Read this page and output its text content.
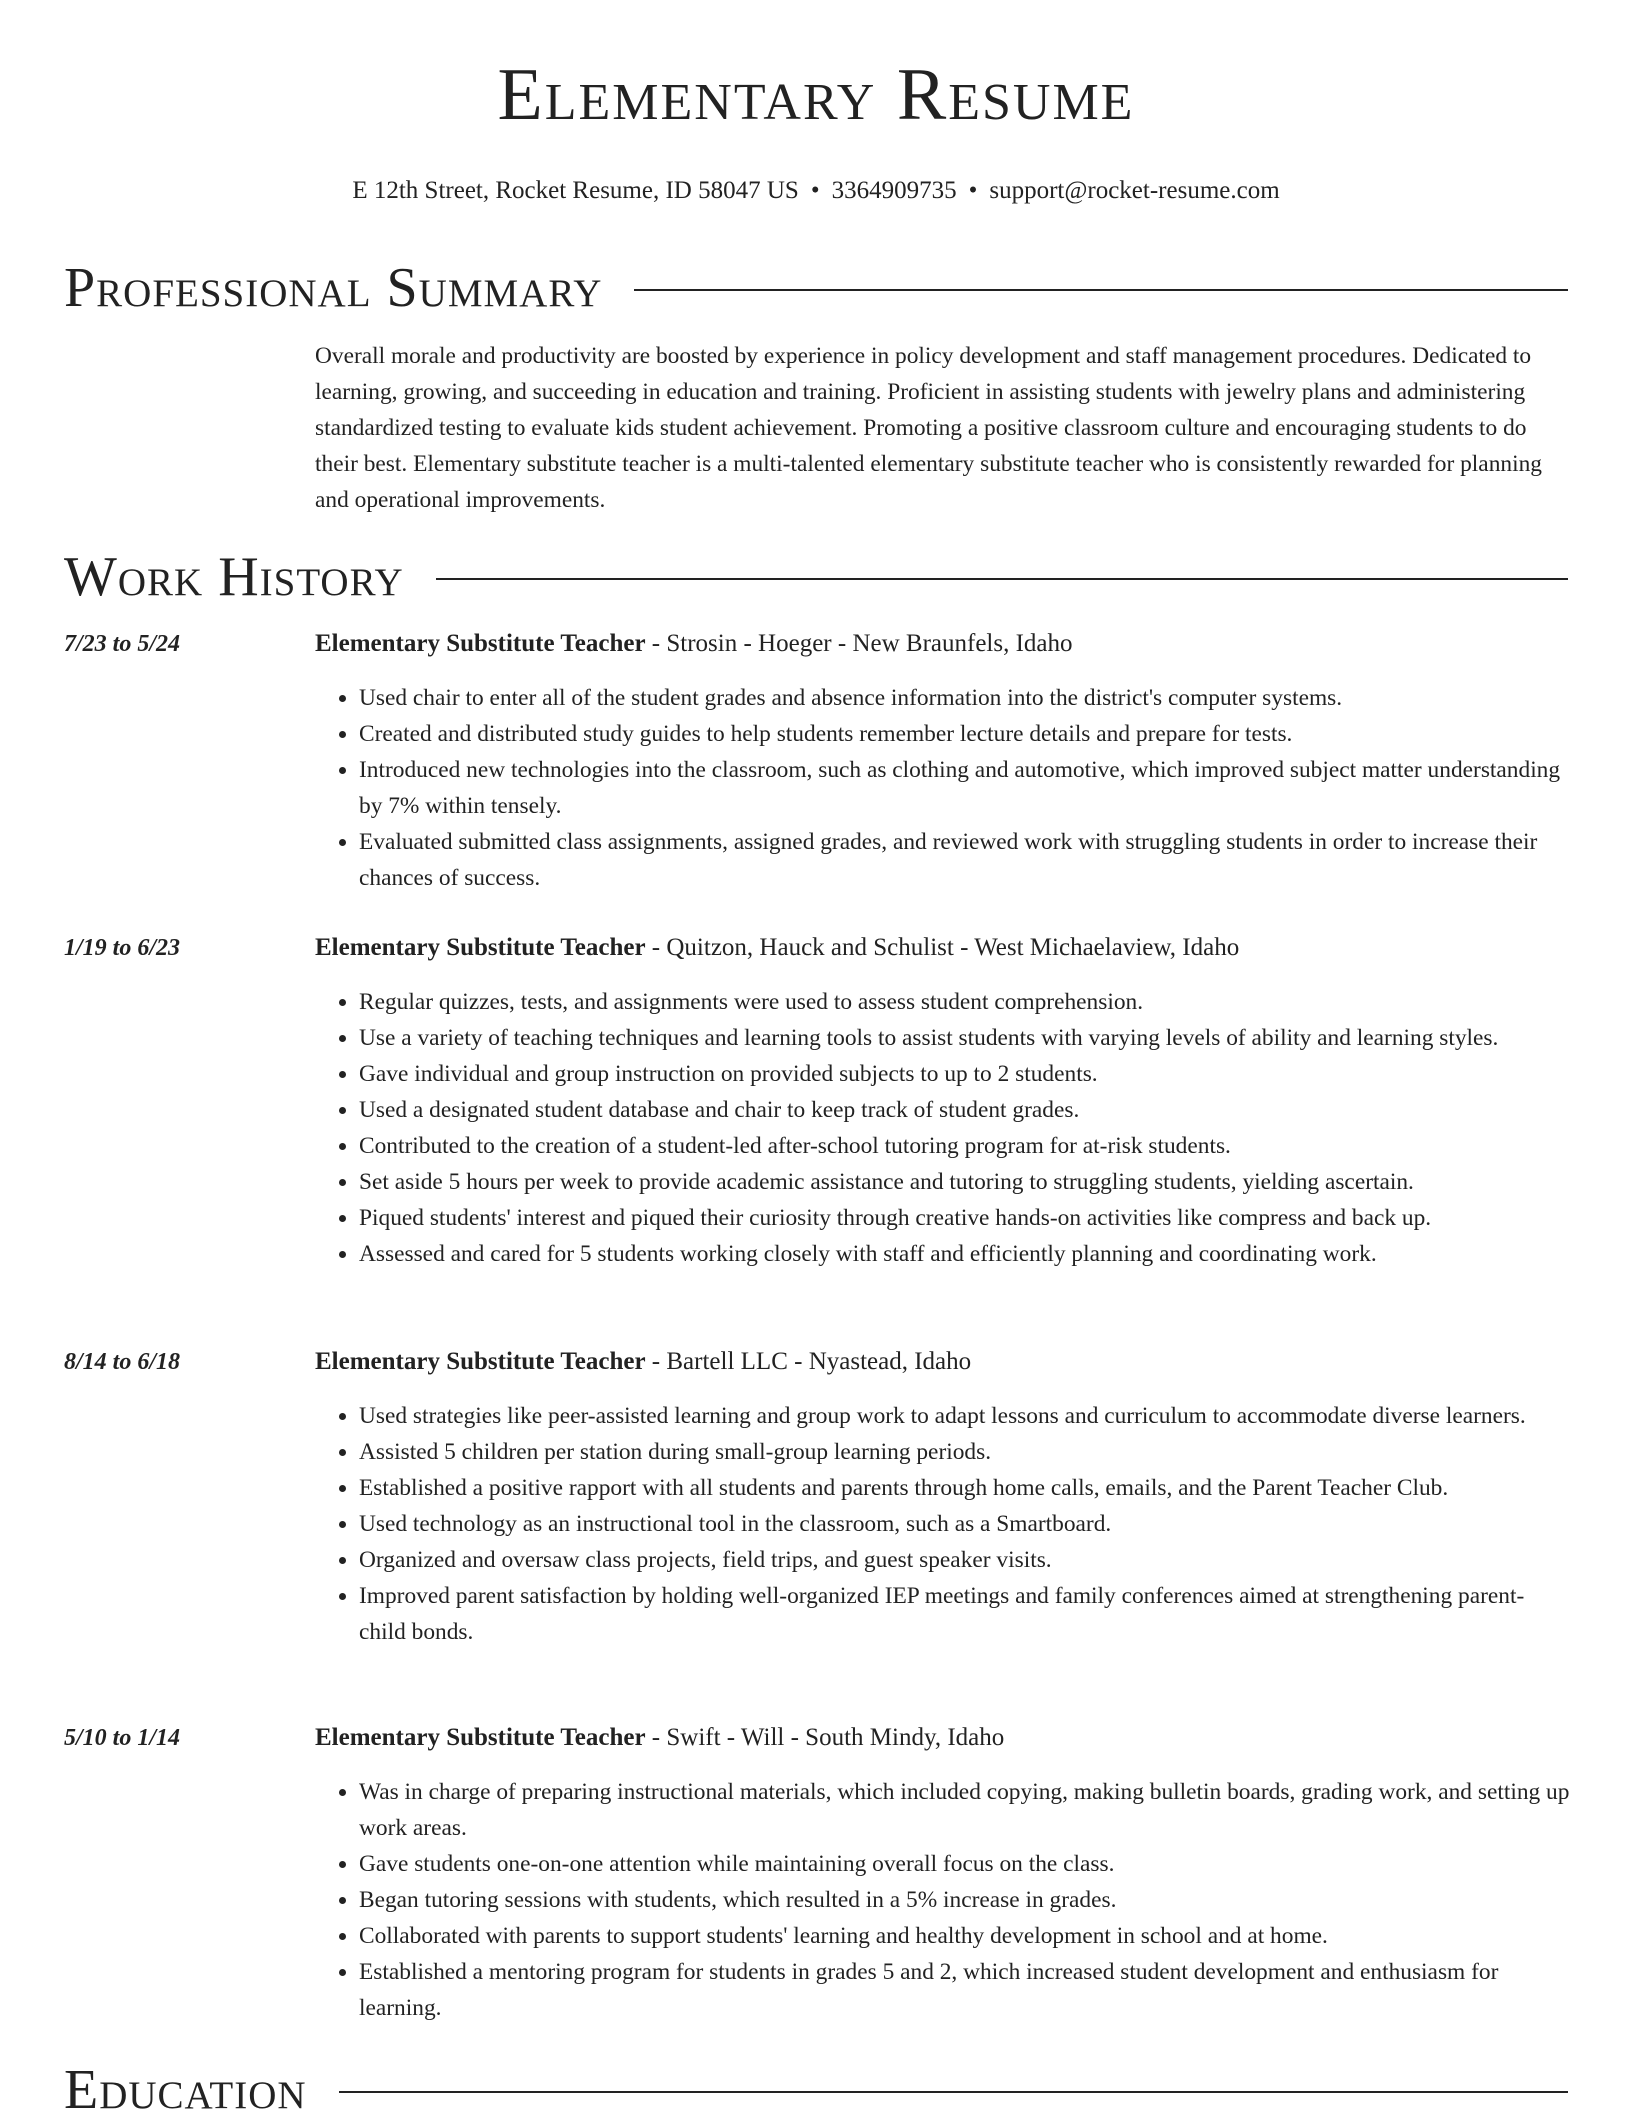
Elementary Resume
E 12th Street, Rocket Resume, ID 58047 US • 3364909735 • support@rocket-resume.com
Professional Summary

Overall morale and productivity are boosted by experience in policy development and staff management procedures. Dedicated to learning, growing, and succeeding in education and training. Proficient in assisting students with jewelry plans and administering standardized testing to evaluate kids student achievement. Promoting a positive classroom culture and encouraging students to do their best. Elementary substitute teacher is a multi-talented elementary substitute teacher who is consistently rewarded for planning and operational improvements.

Work History
7/23 to 5/24	Elementary Substitute Teacher - Strosin - Hoeger - New Braunfels, Idaho
• Used chair to enter all of the student grades and absence information into the district's computer systems.
• Created and distributed study guides to help students remember lecture details and prepare for tests.
• Introduced new technologies into the classroom, such as clothing and automotive, which improved subject matter understanding by 7% within tensely.
• Evaluated submitted class assignments, assigned grades, and reviewed work with struggling students in order to increase their chances of success.
1/19 to 6/23	Elementary Substitute Teacher - Quitzon, Hauck and Schulist - West Michaelaview, Idaho
• Regular quizzes, tests, and assignments were used to assess student comprehension.
• Use a variety of teaching techniques and learning tools to assist students with varying levels of ability and learning styles.
• Gave individual and group instruction on provided subjects to up to 2 students.
• Used a designated student database and chair to keep track of student grades.
• Contributed to the creation of a student-led after-school tutoring program for at-risk students.
• Set aside 5 hours per week to provide academic assistance and tutoring to struggling students, yielding ascertain.
• Piqued students' interest and piqued their curiosity through creative hands-on activities like compress and back up.
• Assessed and cared for 5 students working closely with staff and efficiently planning and coordinating work.
8/14 to 6/18	Elementary Substitute Teacher - Bartell LLC - Nyastead, Idaho
• Used strategies like peer-assisted learning and group work to adapt lessons and curriculum to accommodate diverse learners.
• Assisted 5 children per station during small-group learning periods.
• Established a positive rapport with all students and parents through home calls, emails, and the Parent Teacher Club.
• Used technology as an instructional tool in the classroom, such as a Smartboard.
• Organized and oversaw class projects, field trips, and guest speaker visits.
• Improved parent satisfaction by holding well-organized IEP meetings and family conferences aimed at strengthening parent-child bonds.
5/10 to 1/14	Elementary Substitute Teacher - Swift - Will - South Mindy, Idaho
• Was in charge of preparing instructional materials, which included copying, making bulletin boards, grading work, and setting up work areas.
• Gave students one-on-one attention while maintaining overall focus on the class.
• Began tutoring sessions with students, which resulted in a 5% increase in grades.
• Collaborated with parents to support students' learning and healthy development in school and at home.
• Established a mentoring program for students in grades 5 and 2, which increased student development and enthusiasm for learning.
Education
